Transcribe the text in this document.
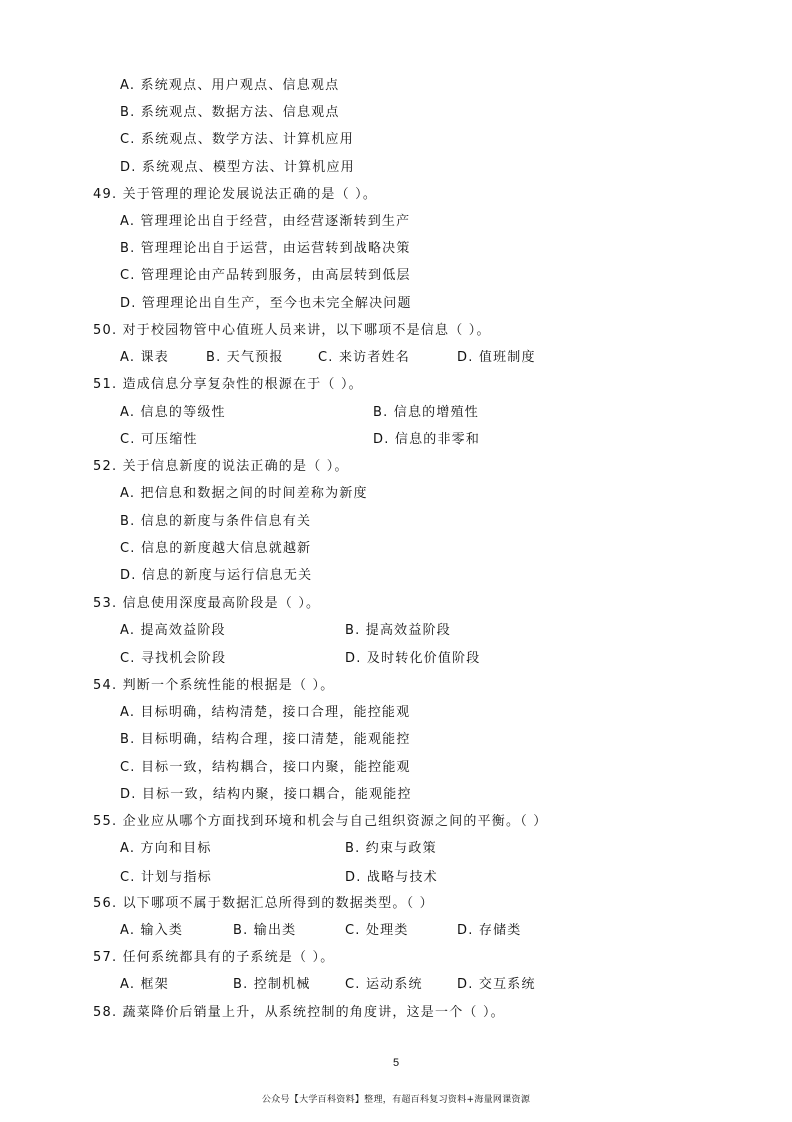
A. 系统观点、用户观点、信息观点
B. 系统观点、数据方法、信息观点
C. 系统观点、数学方法、计算机应用
D. 系统观点、模型方法、计算机应用
49. 关于管理的理论发展说法正确的是（ ）。
A. 管理理论出自于经营，由经营逐渐转到生产
B. 管理理论出自于运营，由运营转到战略决策
C. 管理理论由产品转到服务，由高层转到低层
D. 管理理论出自生产，至今也未完全解决问题
50. 对于校园物管中心值班人员来讲，以下哪项不是信息（ ）。
A. 课表	B. 天气预报	C. 来访者姓名	D. 值班制度
51. 造成信息分享复杂性的根源在于（ ）。
A. 信息的等级性	B. 信息的增殖性
C. 可压缩性	D. 信息的非零和
52. 关于信息新度的说法正确的是（ ）。
A. 把信息和数据之间的时间差称为新度
B. 信息的新度与条件信息有关
C. 信息的新度越大信息就越新
D. 信息的新度与运行信息无关
53. 信息使用深度最高阶段是（ ）。
A. 提高效益阶段	B. 提高效益阶段
C. 寻找机会阶段	D. 及时转化价值阶段
54. 判断一个系统性能的根据是（ ）。
A. 目标明确，结构清楚，接口合理，能控能观
B. 目标明确，结构合理，接口清楚，能观能控
C. 目标一致，结构耦合，接口内聚，能控能观
D. 目标一致，结构内聚，接口耦合，能观能控
55. 企业应从哪个方面找到环境和机会与自己组织资源之间的平衡。（ ）
A. 方向和目标	B. 约束与政策
C. 计划与指标	D. 战略与技术
56. 以下哪项不属于数据汇总所得到的数据类型。（ ）
A. 输入类	B. 输出类	C. 处理类	D. 存储类
57. 任何系统都具有的子系统是（ ）。
A. 框架	B. 控制机械	C. 运动系统	D. 交互系统
58. 蔬菜降价后销量上升，从系统控制的角度讲，这是一个（ ）。
5
公众号【大学百科资料】整理，有超百科复习资料+海量网课资源
